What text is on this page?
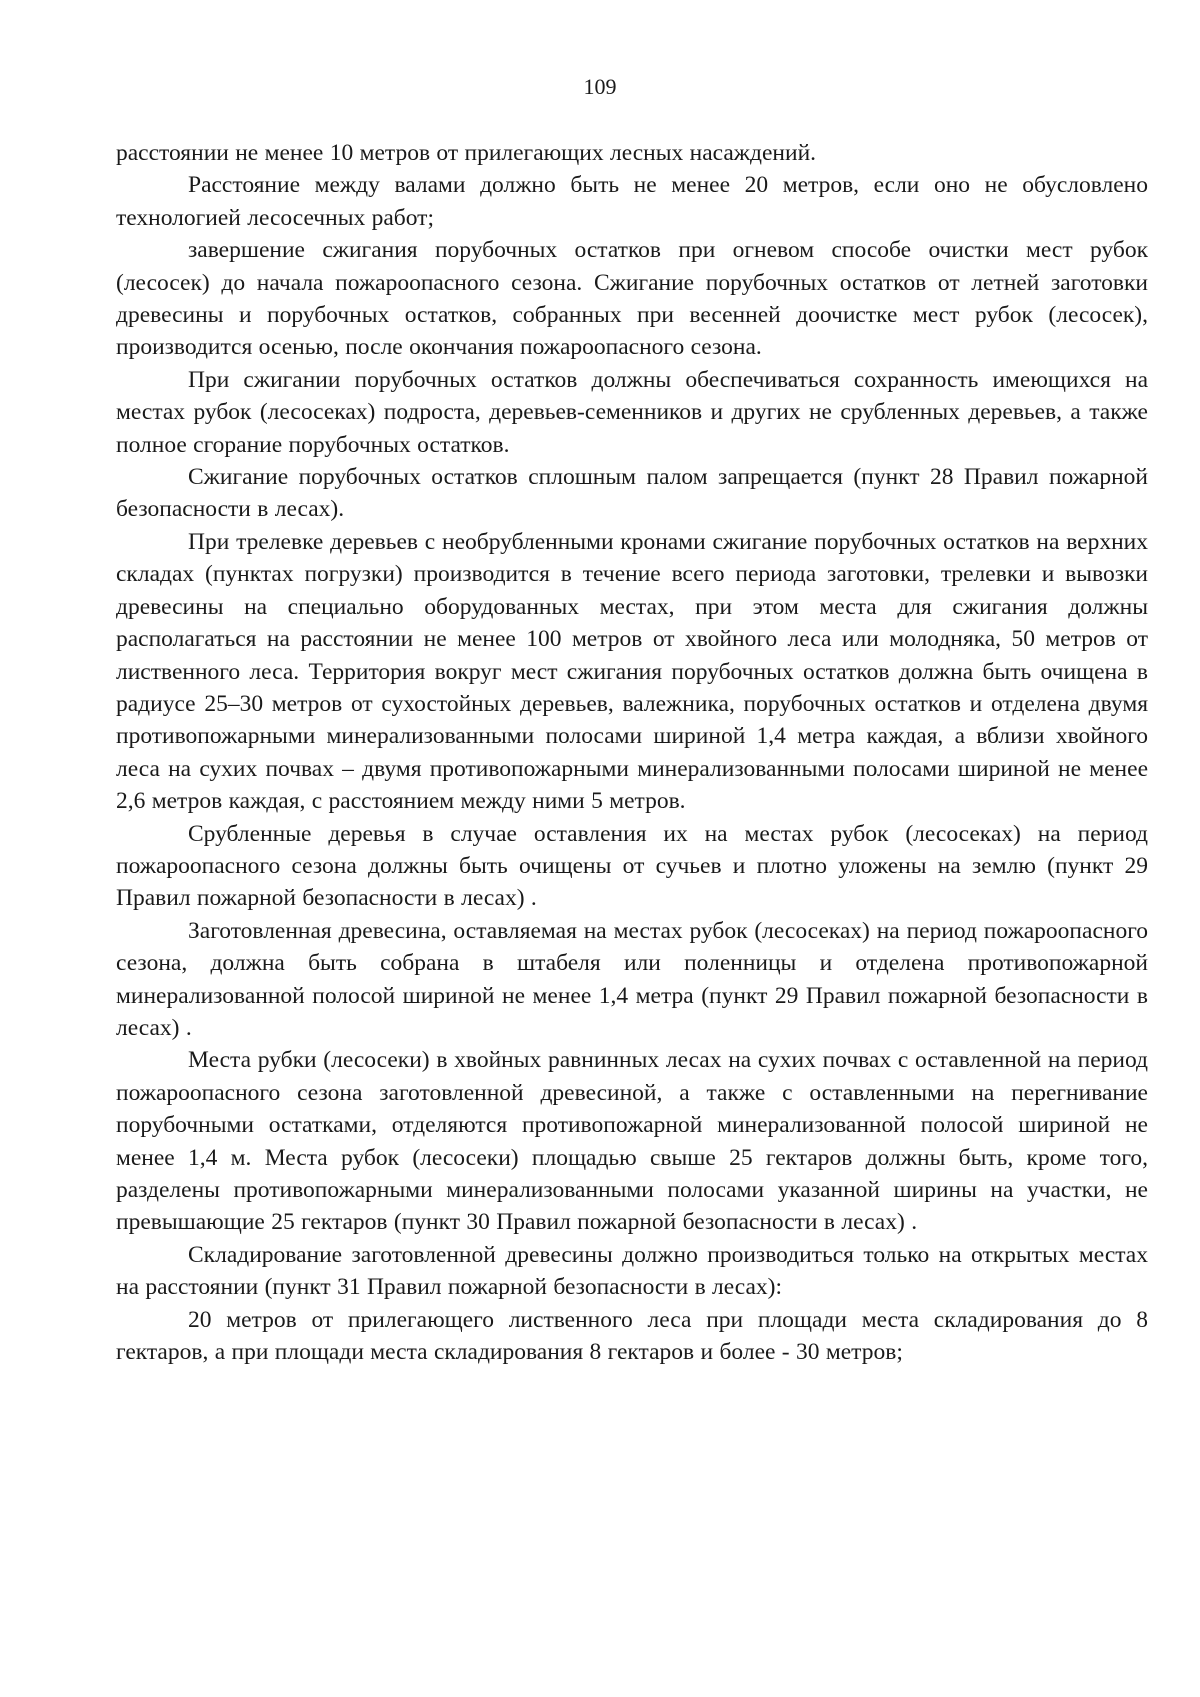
109

расстоянии не менее 10 метров от прилегающих лесных насаждений.

Расстояние между валами должно быть не менее 20 метров, если оно не обусловлено технологией лесосечных работ;

завершение сжигания порубочных остатков при огневом способе очистки мест рубок (лесосек) до начала пожароопасного сезона. Сжигание порубочных остатков от летней заготовки древесины и порубочных остатков, собранных при весенней доочистке мест рубок (лесосек), производится осенью, после окончания пожароопасного сезона.

При сжигании порубочных остатков должны обеспечиваться сохранность имеющихся на местах рубок (лесосеках) подроста, деревьев-семенников и других не срубленных деревьев, а также полное сгорание порубочных остатков.

Сжигание порубочных остатков сплошным палом запрещается (пункт 28 Правил пожарной безопасности в лесах).

При трелевке деревьев с необрубленными кронами сжигание порубочных остатков на верхних складах (пунктах погрузки) производится в течение всего периода заготовки, трелевки и вывозки древесины на специально оборудованных местах, при этом места для сжигания должны располагаться на расстоянии не менее 100 метров от хвойного леса или молодняка, 50 метров от лиственного леса. Территория вокруг мест сжигания порубочных остатков должна быть очищена в радиусе 25–30 метров от сухостойных деревьев, валежника, порубочных остатков и отделена двумя противопожарными минерализованными полосами шириной 1,4 метра каждая, а вблизи хвойного леса на сухих почвах – двумя противопожарными минерализованными полосами шириной не менее 2,6 метров каждая, с расстоянием между ними 5 метров.

Срубленные деревья в случае оставления их на местах рубок (лесосеках) на период пожароопасного сезона должны быть очищены от сучьев и плотно уложены на землю (пункт 29 Правил пожарной безопасности в лесах) .

Заготовленная древесина, оставляемая на местах рубок (лесосеках) на период пожароопасного сезона, должна быть собрана в штабеля или поленницы и отделена противопожарной минерализованной полосой шириной не менее 1,4 метра (пункт 29 Правил пожарной безопасности в лесах) .

Места рубки (лесосеки) в хвойных равнинных лесах на сухих почвах с оставленной на период пожароопасного сезона заготовленной древесиной, а также с оставленными на перегнивание порубочными остатками, отделяются противопожарной минерализованной полосой шириной не менее 1,4 м. Места рубок (лесосеки) площадью свыше 25 гектаров должны быть, кроме того, разделены противопожарными минерализованными полосами указанной ширины на участки, не превышающие 25 гектаров (пункт 30 Правил пожарной безопасности в лесах) .

Складирование заготовленной древесины должно производиться только на открытых местах на расстоянии (пункт 31 Правил пожарной безопасности в лесах):

20 метров от прилегающего лиственного леса при площади места складирования до 8 гектаров, а при площади места складирования 8 гектаров и более - 30 метров;
